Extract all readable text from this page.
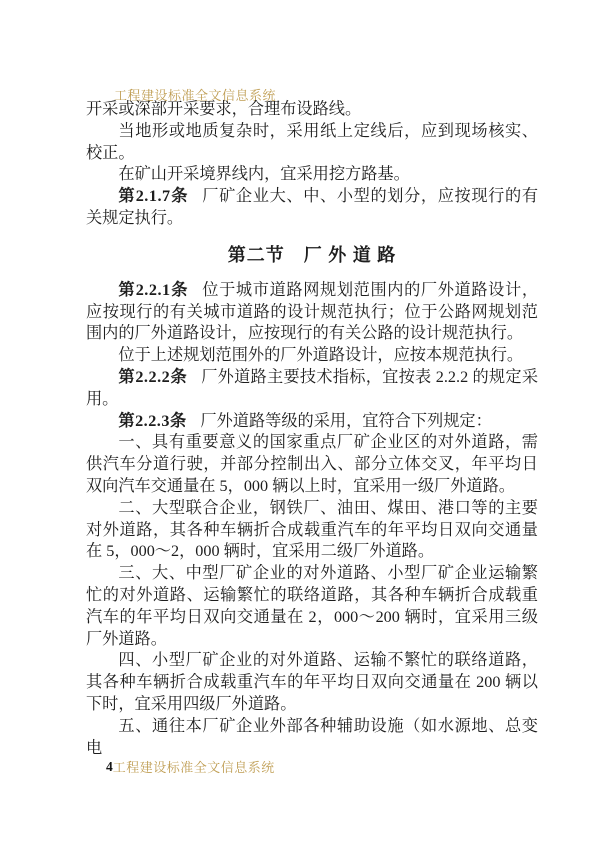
工程建设标准全文信息系统

开采或深部开采要求，合理布设路线。

当地形或地质复杂时，采用纸上定线后，应到现场核实、校正。

在矿山开采境界线内，宜采用挖方路基。

第2.1.7条 厂矿企业大、中、小型的划分，应按现行的有关规定执行。

第二节　厂 外 道 路

第2.2.1条 位于城市道路网规划范围内的厂外道路设计，应按现行的有关城市道路的设计规范执行；位于公路网规划范围内的厂外道路设计，应按现行的有关公路的设计规范执行。

位于上述规划范围外的厂外道路设计，应按本规范执行。

第2.2.2条 厂外道路主要技术指标，宜按表 2.2.2 的规定采用。

第2.2.3条 厂外道路等级的采用，宜符合下列规定：

一、具有重要意义的国家重点厂矿企业区的对外道路，需供汽车分道行驶，并部分控制出入、部分立体交叉，年平均日双向汽车交通量在 5，000 辆以上时，宜采用一级厂外道路。

二、大型联合企业，钢铁厂、油田、煤田、港口等的主要对外道路，其各种车辆折合成载重汽车的年平均日双向交通量在 5，000～2，000 辆时，宜采用二级厂外道路。

三、大、中型厂矿企业的对外道路、小型厂矿企业运输繁忙的对外道路、运输繁忙的联络道路，其各种车辆折合成载重汽车的年平均日双向交通量在 2，000～200 辆时，宜采用三级厂外道路。

四、小型厂矿企业的对外道路、运输不繁忙的联络道路，其各种车辆折合成载重汽车的年平均日双向交通量在 200 辆以下时，宜采用四级厂外道路。

五、通往本厂矿企业外部各种辅助设施（如水源地、总变电

4工程建设标准全文信息系统
